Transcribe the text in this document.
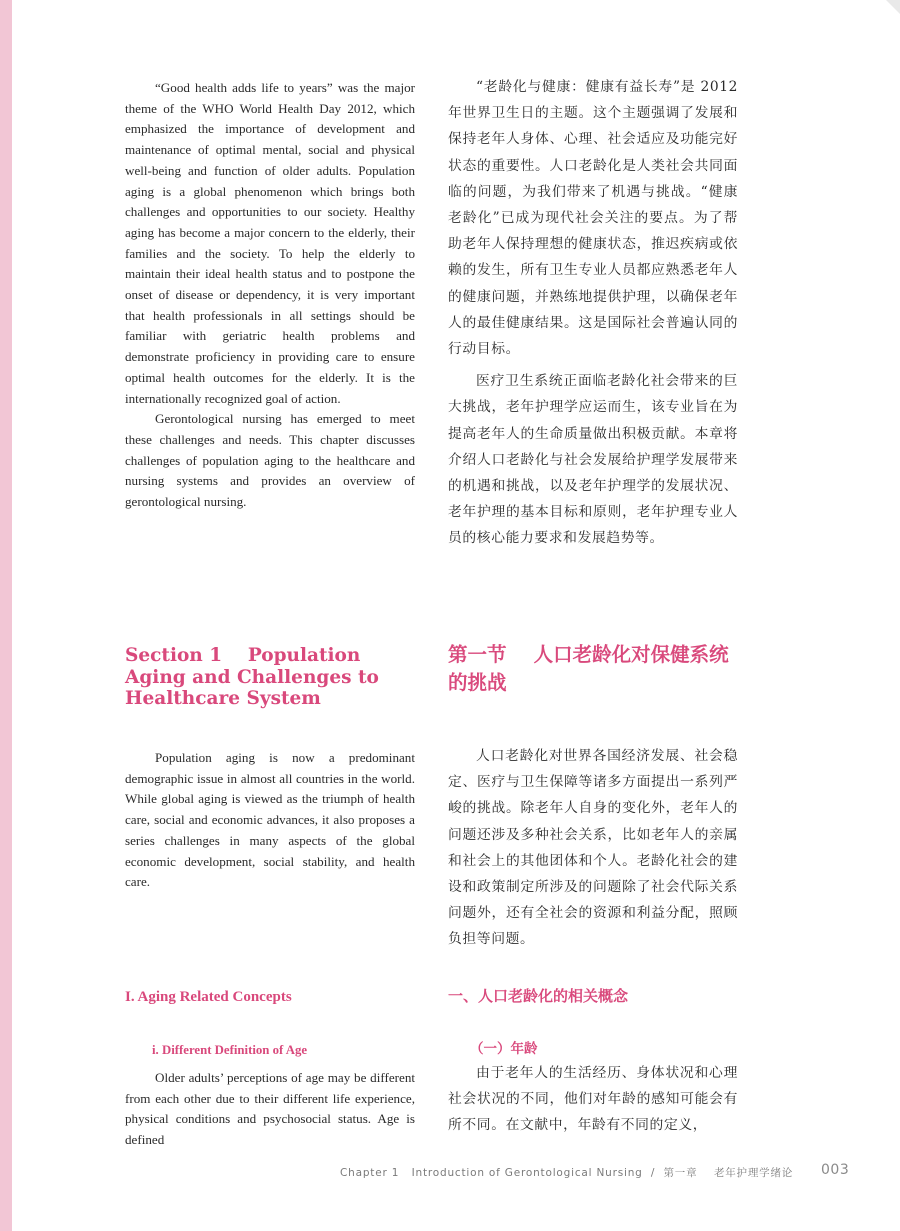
“Good health adds life to years” was the major theme of the WHO World Health Day 2012, which emphasized the importance of development and maintenance of optimal mental, social and physical well-being and function of older adults. Population aging is a global phenomenon which brings both challenges and opportunities to our society. Healthy aging has become a major concern to the elderly, their families and the society. To help the elderly to maintain their ideal health status and to postpone the onset of disease or dependency, it is very important that health professionals in all settings should be familiar with geriatric health problems and demonstrate proficiency in providing care to ensure optimal health outcomes for the elderly. It is the internationally recognized goal of action.

Gerontological nursing has emerged to meet these challenges and needs. This chapter discusses challenges of population aging to the healthcare and nursing systems and provides an overview of gerontological nursing.

“老龄化与健康：健康有益长寿”是 2012 年世界卫生日的主题。这个主题强调了发展和保持老年人身体、心理、社会适应及功能完好状态的重要性。人口老龄化是人类社会共同面临的问题，为我们带来了机遇与挑战。“健康老龄化”已成为现代社会关注的要点。为了帮助老年人保持理想的健康状态，推迟疾病或依赖的发生，所有卫生专业人员都应熟悉老年人的健康问题，并熟练地提供护理，以确保老年人的最佳健康结果。这是国际社会普遍认同的行动目标。

医疗卫生系统正面临老龄化社会带来的巨大挑战，老年护理学应运而生，该专业旨在为提高老年人的生命质量做出积极贡献。本章将介绍人口老龄化与社会发展给护理学发展带来的机遇和挑战，以及老年护理学的发展状况、老年护理的基本目标和原则，老年护理专业人员的核心能力要求和发展趋势等。

Section 1    Population Aging and Challenges to Healthcare System
第一节    人口老龄化对保健系统的挑战

Population aging is now a predominant demographic issue in almost all countries in the world. While global aging is viewed as the triumph of health care, social and economic advances, it also proposes a series challenges in many aspects of the global economic development, social stability, and health care.

人口老龄化对世界各国经济发展、社会稳定、医疗与卫生保障等诸多方面提出一系列严峻的挑战。除老年人自身的变化外，老年人的问题还涉及多种社会关系，比如老年人的亲属和社会上的其他团体和个人。老龄化社会的建设和政策制定所涉及的问题除了社会代际关系问题外，还有全社会的资源和利益分配，照顾负担等问题。

I. Aging Related Concepts	一、人口老龄化的相关概念
i. Different Definition of Age	（一）年龄

Older adults’ perceptions of age may be different from each other due to their different life experience, physical conditions and psychosocial status. Age is defined

由于老年人的生活经历、身体状况和心理社会状况的不同，他们对年龄的感知可能会有所不同。在文献中，年龄有不同的定义，

Chapter 1   Introduction of Gerontological Nursing  /  第一章    老年护理学绪论 003
